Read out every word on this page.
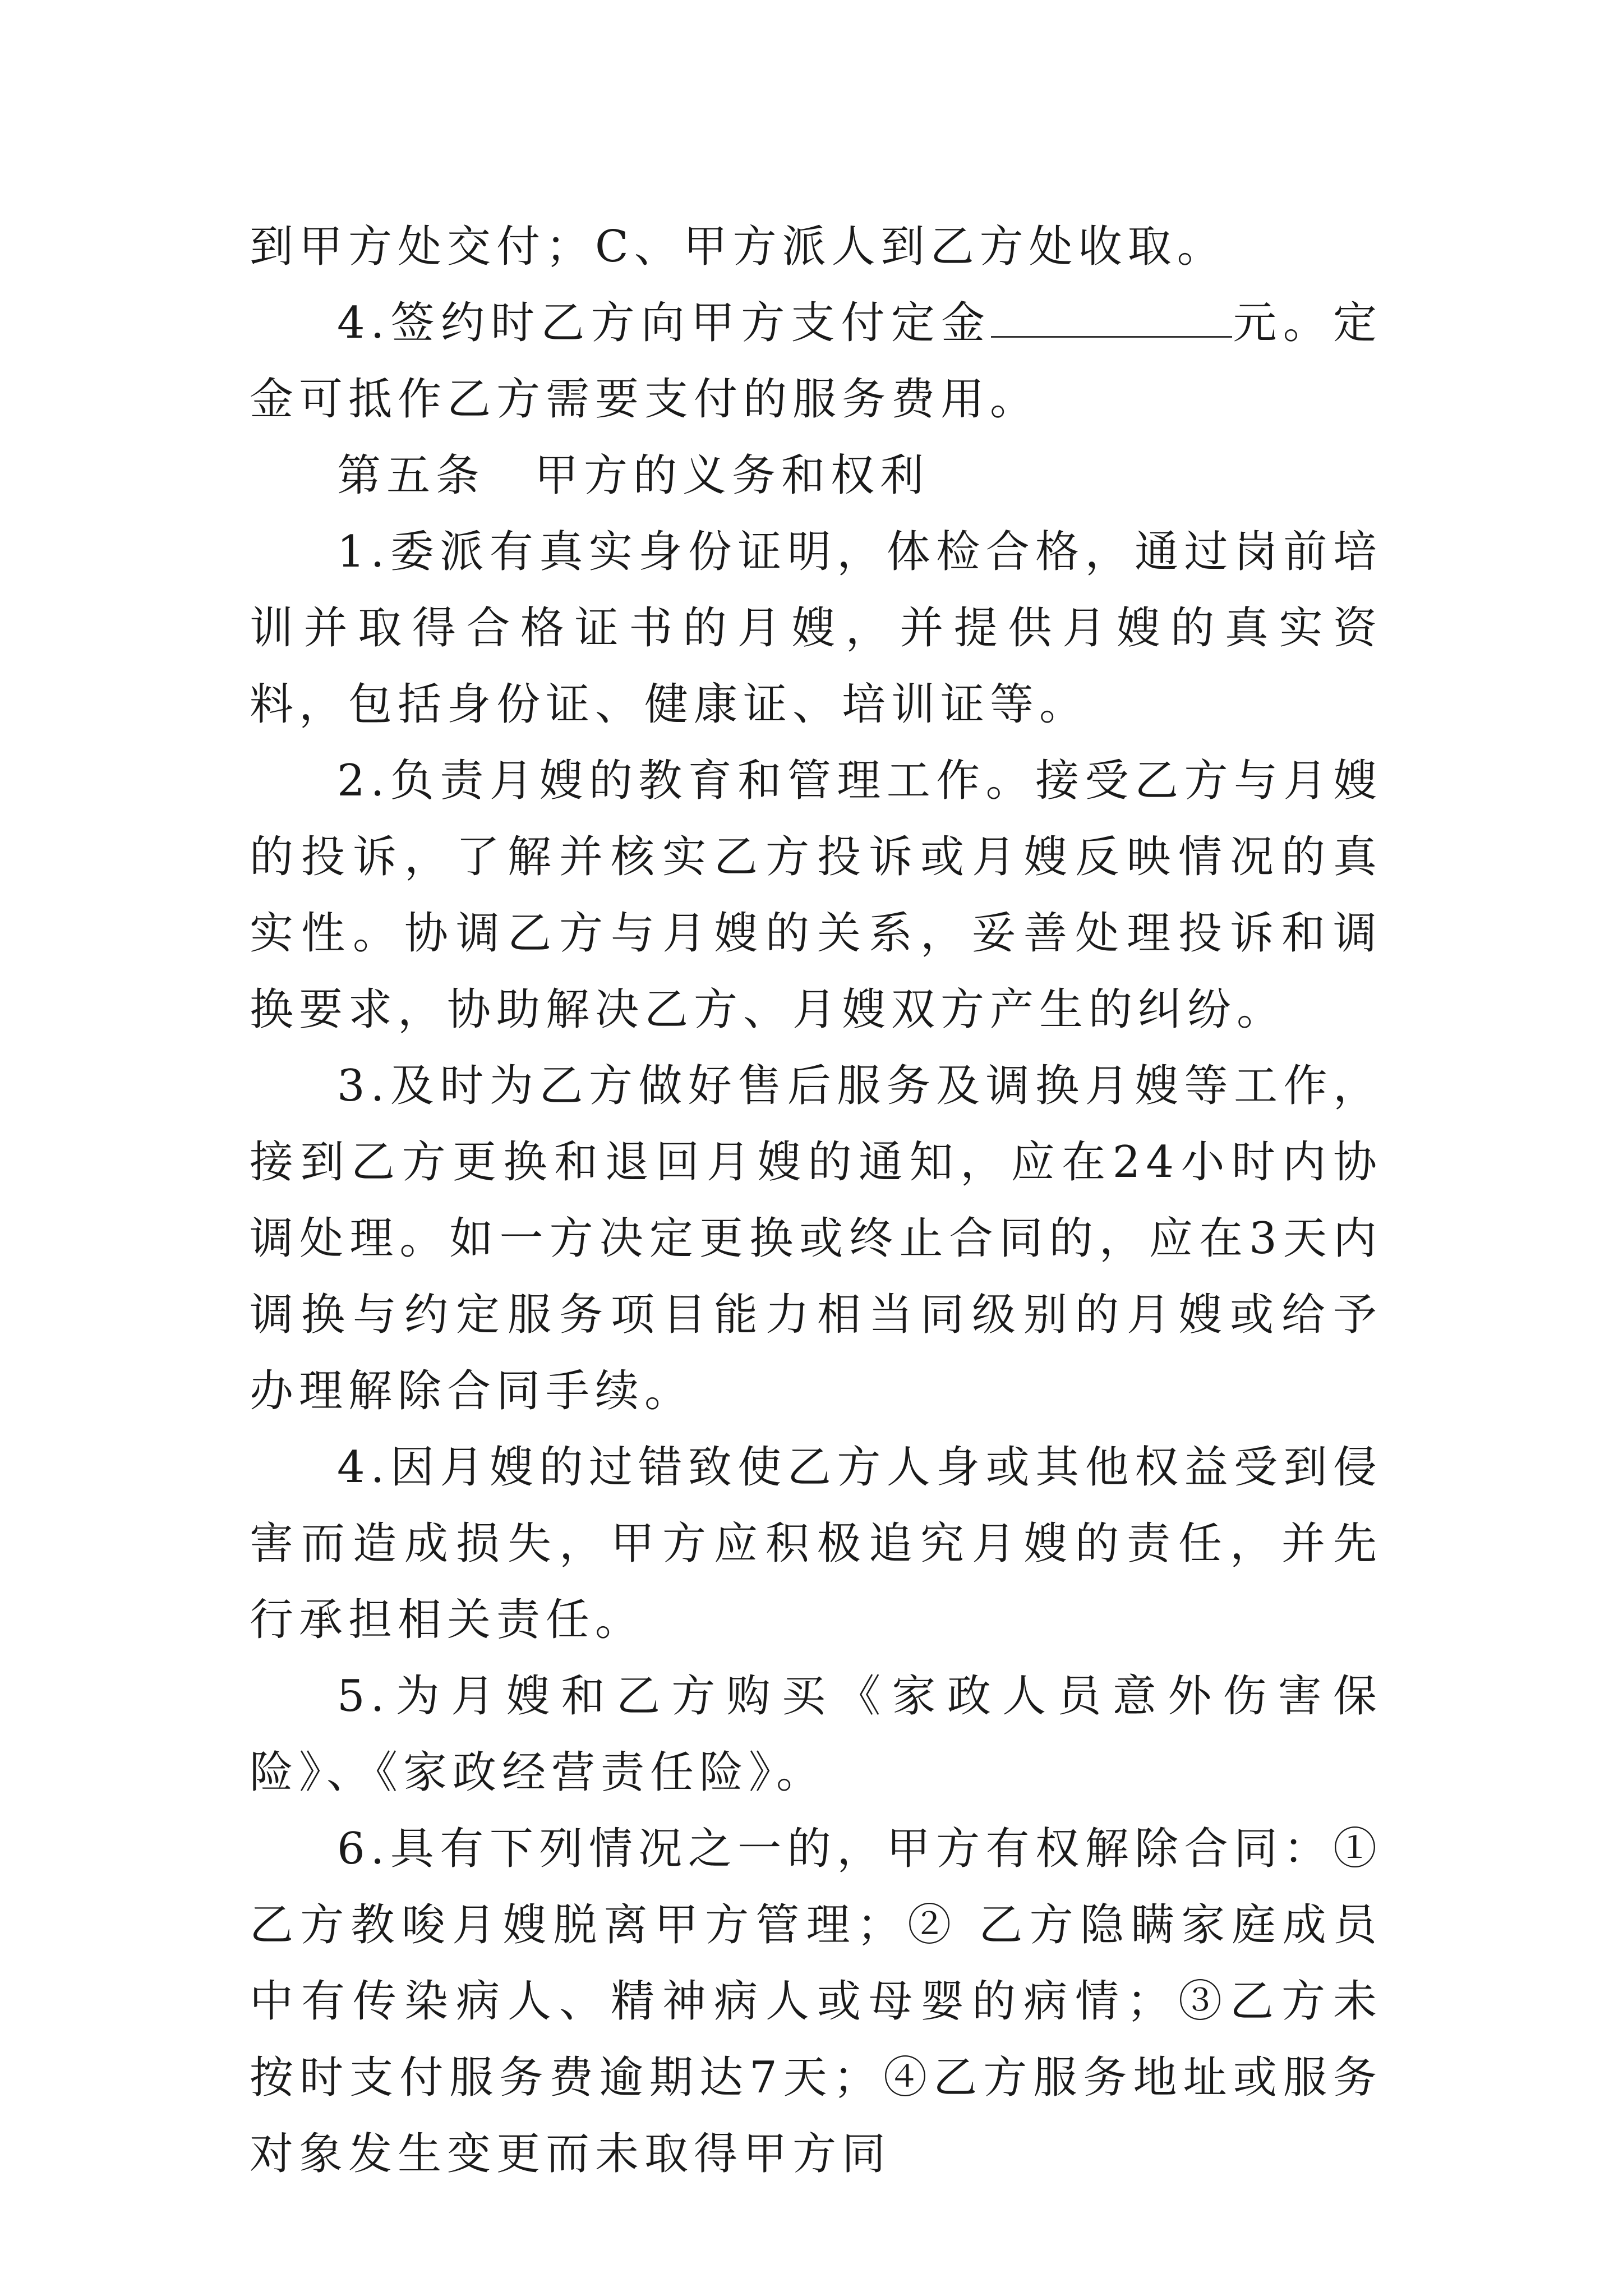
到甲方处交付；C、甲方派人到乙方处收取。

4.签约时乙方向甲方支付定金	元。定金可抵作乙方需要支付的服务费用。

第五条　甲方的义务和权利

1.委派有真实身份证明，体检合格，通过岗前培训并取得合格证书的月嫂，并提供月嫂的真实资料，包括身份证、健康证、培训证等。

2.负责月嫂的教育和管理工作。接受乙方与月嫂的投诉，了解并核实乙方投诉或月嫂反映情况的真实性。协调乙方与月嫂的关系，妥善处理投诉和调换要求，协助解决乙方、月嫂双方产生的纠纷。

3.及时为乙方做好售后服务及调换月嫂等工作，接到乙方更换和退回月嫂的通知，应在24小时内协调处理。如一方决定更换或终止合同的，应在3天内调换与约定服务项目能力相当同级别的月嫂或给予办理解除合同手续。

4.因月嫂的过错致使乙方人身或其他权益受到侵害而造成损失，甲方应积极追究月嫂的责任，并先行承担相关责任。

5.为月嫂和乙方购买《家政人员意外伤害保险》、《家政经营责任险》。

6.具有下列情况之一的，甲方有权解除合同：①乙方教唆月嫂脱离甲方管理；② 乙方隐瞒家庭成员中有传染病人、精神病人或母婴的病情；③乙方未按时支付服务费逾期达7天；④乙方服务地址或服务对象发生变更而未取得甲方同
